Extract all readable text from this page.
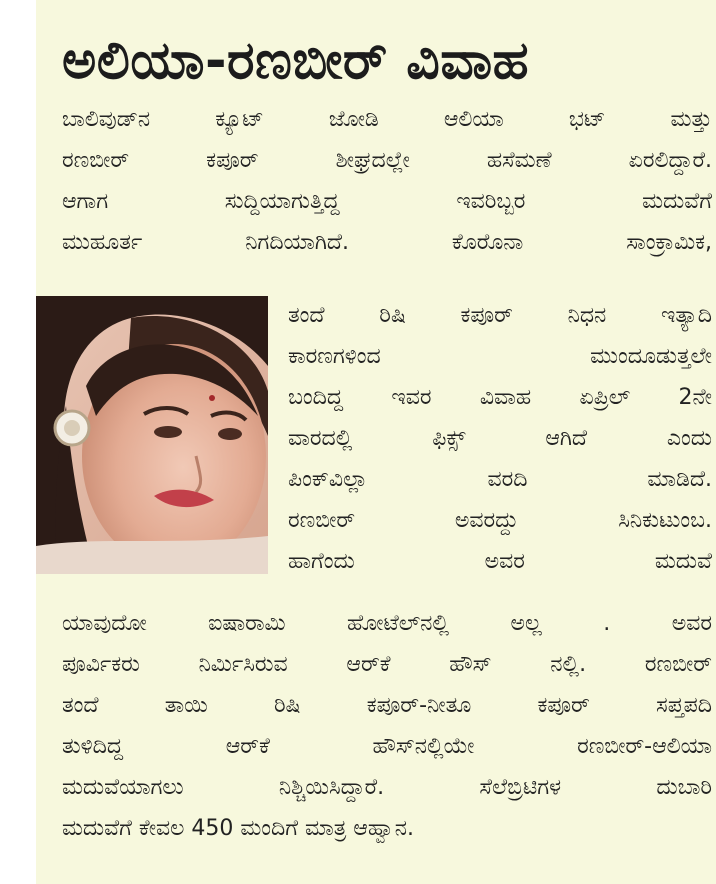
ಅಲಿಯಾ-ರಣಬೀರ್ ವಿವಾಹ
ಬಾಲಿವುಡ್‌ನ ಕ್ಯೂಟ್ ಜೋಡಿ ಆಲಿಯಾ ಭಟ್ ಮತ್ತು
ರಣಬೀರ್ ಕಪೂರ್ ಶೀಘ್ರದಲ್ಲೇ ಹಸೆಮಣೆ ಏರಲಿದ್ದಾರೆ.
ಆಗಾಗ ಸುದ್ದಿಯಾಗುತ್ತಿದ್ದ ಇವರಿಬ್ಬರ ಮದುವೆಗೆ
ಮುಹೂರ್ತ ನಿಗದಿಯಾಗಿದೆ. ಕೊರೊನಾ ಸಾಂಕ್ರಾಮಿಕ,
ತಂದೆ ರಿಷಿ ಕಪೂರ್ ನಿಧನ ಇತ್ಯಾದಿ
ಕಾರಣಗಳಿಂದ ಮುಂದೂಡುತ್ತಲೇ
ಬಂದಿದ್ದ ಇವರ ವಿವಾಹ ಏಪ್ರಿಲ್ 2ನೇ
ವಾರದಲ್ಲಿ ಫಿಕ್ಸ್ ಆಗಿದೆ ಎಂದು
ಪಿಂಕ್‌ವಿಲ್ಲಾ ವರದಿ ಮಾಡಿದೆ.
ರಣಬೀರ್ ಅವರದ್ದು ಸಿನಿಕುಟುಂಬ.
ಹಾಗೆಂದು ಅವರ ಮದುವೆ
ಯಾವುದೋ ಐಷಾರಾಮಿ ಹೋಟೆಲ್‌ನಲ್ಲಿ ಅಲ್ಲ . ಅವರ
ಪೂರ್ವಿಕರು ನಿರ್ಮಿಸಿರುವ ಆರ್‌ಕೆ ಹೌಸ್ ನಲ್ಲಿ. ರಣಬೀರ್
ತಂದೆ ತಾಯಿ ರಿಷಿ ಕಪೂರ್-ನೀತೂ ಕಪೂರ್ ಸಪ್ತಪದಿ
ತುಳಿದಿದ್ದ ಆರ್‌ಕೆ ಹೌಸ್‌ನಲ್ಲಿಯೇ ರಣಬೀರ್-ಆಲಿಯಾ
ಮದುವೆಯಾಗಲು ನಿಶ್ಚಿಯಿಸಿದ್ದಾರೆ. ಸೆಲೆಬ್ರಿಟಿಗಳ ದುಬಾರಿ
ಮದುವೆಗೆ ಕೇವಲ 450 ಮಂದಿಗೆ ಮಾತ್ರ ಆಹ್ವಾನ.
